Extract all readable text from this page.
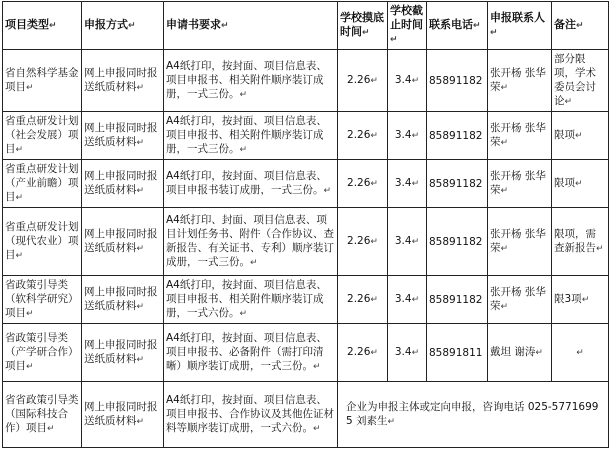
项目类型↵	申报方式↵	申请书要求↵	学校摸底时间↵	学校截止时间↵	联系电话↵	申报联系人↵	备注↵
省自然科学基金项目↵	网上申报同时报送纸质材料↵	A4纸打印，按封面、项目信息表、项目申报书、相关附件顺序装订成册，一式三份。↵	2.26↵	3.4↵	85891182	张开杨 张华荣↵	部分限项，学术委员会讨论↵
省重点研发计划（社会发展）项目↵	网上申报同时报送纸质材料↵	A4纸打印，按封面、项目信息表、项目申报书、相关附件顺序装订成册，一式三份。↵	2.26↵	3.4↵	85891182	张开杨 张华荣↵	限项↵
省重点研发计划（产业前瞻）项目↵	网上申报同时报送纸质材料↵	A4纸打印，按封面、项目信息表、项目申报书装订成册，一式三份。↵	2.26↵	3.4↵	85891182	张开杨 张华荣↵	限项↵
省重点研发计划（现代农业）项目↵	网上申报同时报送纸质材料↵	A4纸打印、封面、项目信息表、项目计划任务书、附件（合作协议、查新报告、有关证书、专利）顺序装订成册，一式三份。↵	2.26↵	3.4↵	85891182	张开杨 张华荣↵	限项，需查新报告↵
省政策引导类（软科学研究）项目↵	网上申报同时报送纸质材料↵	A4纸打印，按封面、项目信息表、项目申报书、相关附件顺序装订成册，一式六份。↵	2.26↵	3.4↵	85891182	张开杨 张华荣↵	限3项↵
省政策引导类（产学研合作）项目↵	网上申报同时报送纸质材料↵	A4纸打印，按封面、项目信息表、项目申报书、必备附件（需打印清晰）顺序装订成册，一式三份。↵	2.26↵	3.4↵	85891811	戴坦 谢涛↵	↵
省省政策引导类（国际科技合作）项目↵	网上申报同时报送纸质材料↵	A4纸打印，按封面、项目信息表、项目申报书、合作协议及其他佐证材料等顺序装订成册，一式六份。↵	企业为申报主体或定向申报，咨询电话 025-57716995 刘素生↵				
